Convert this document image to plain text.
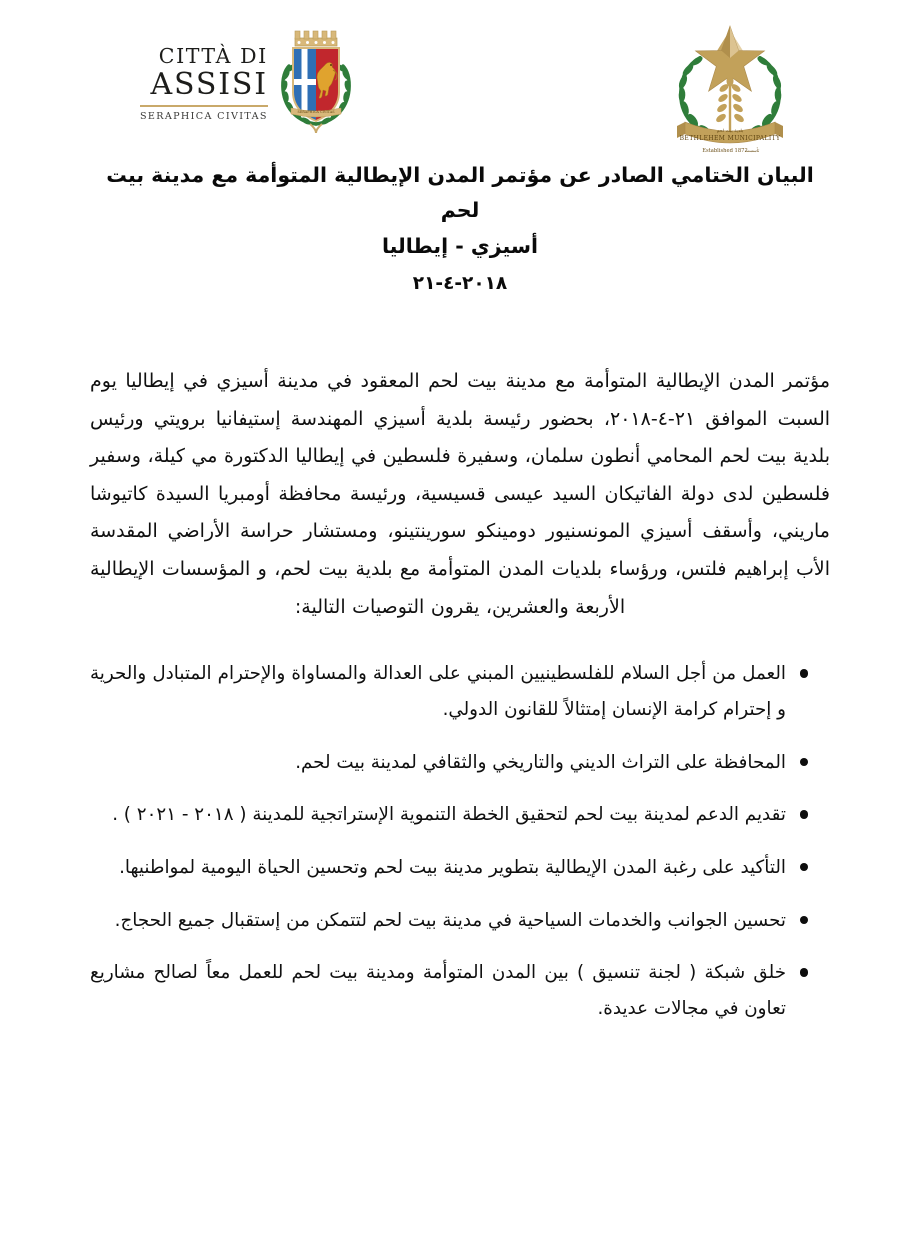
SERAPHICA CIVITAS
CITTÀ DI
ASSISI
SERAPHICA CIVITAS
بلدية بيت لحم
BETHLEHEM MUNICIPALITY
Established 1872
تأسست
البيان الختامي الصادر عن مؤتمر المدن الإيطالية المتوأمة مع مدينة بيت لحم
أسيزي - إيطاليا
٢٠١٨-٤-٢١

مؤتمر المدن الإيطالية المتوأمة مع مدينة بيت لحم المعقود في مدينة أسيزي في إيطاليا يوم السبت الموافق ٢١-٤-٢٠١٨، بحضور رئيسة بلدية أسيزي المهندسة إستيفانيا برويتي ورئيس بلدية بيت لحم المحامي أنطون سلمان، وسفيرة فلسطين في إيطاليا الدكتورة مي كيلة، وسفير فلسطين لدى دولة الفاتيكان السيد عيسى قسيسية، ورئيسة محافظة أومبريا السيدة كاتيوشا ماريني، وأسقف أسيزي المونسنيور دومينكو سورينتينو، ومستشار حراسة الأراضي المقدسة الأب إبراهيم فلتس، ورؤساء بلديات المدن المتوأمة مع بلدية بيت لحم، و المؤسسات الإيطالية الأربعة والعشرين، يقرون التوصيات التالية:

العمل من أجل السلام للفلسطينيين المبني على العدالة والمساواة والإحترام المتبادل والحرية و إحترام كرامة الإنسان إمتثالاً للقانون الدولي.
المحافظة على التراث الديني والتاريخي والثقافي لمدينة بيت لحم.
تقديم الدعم لمدينة بيت لحم لتحقيق الخطة التنموية الإستراتجية للمدينة ( ٢٠١٨ - ٢٠٢١ ) .
التأكيد على رغبة المدن الإيطالية بتطوير مدينة بيت لحم وتحسين الحياة اليومية لمواطنيها.
تحسين الجوانب والخدمات السياحية في مدينة بيت لحم لتتمكن من إستقبال جميع الحجاج.
خلق شبكة ( لجنة تنسيق ) بين المدن المتوأمة ومدينة بيت لحم للعمل معاً لصالح مشاريع تعاون في مجالات عديدة.
